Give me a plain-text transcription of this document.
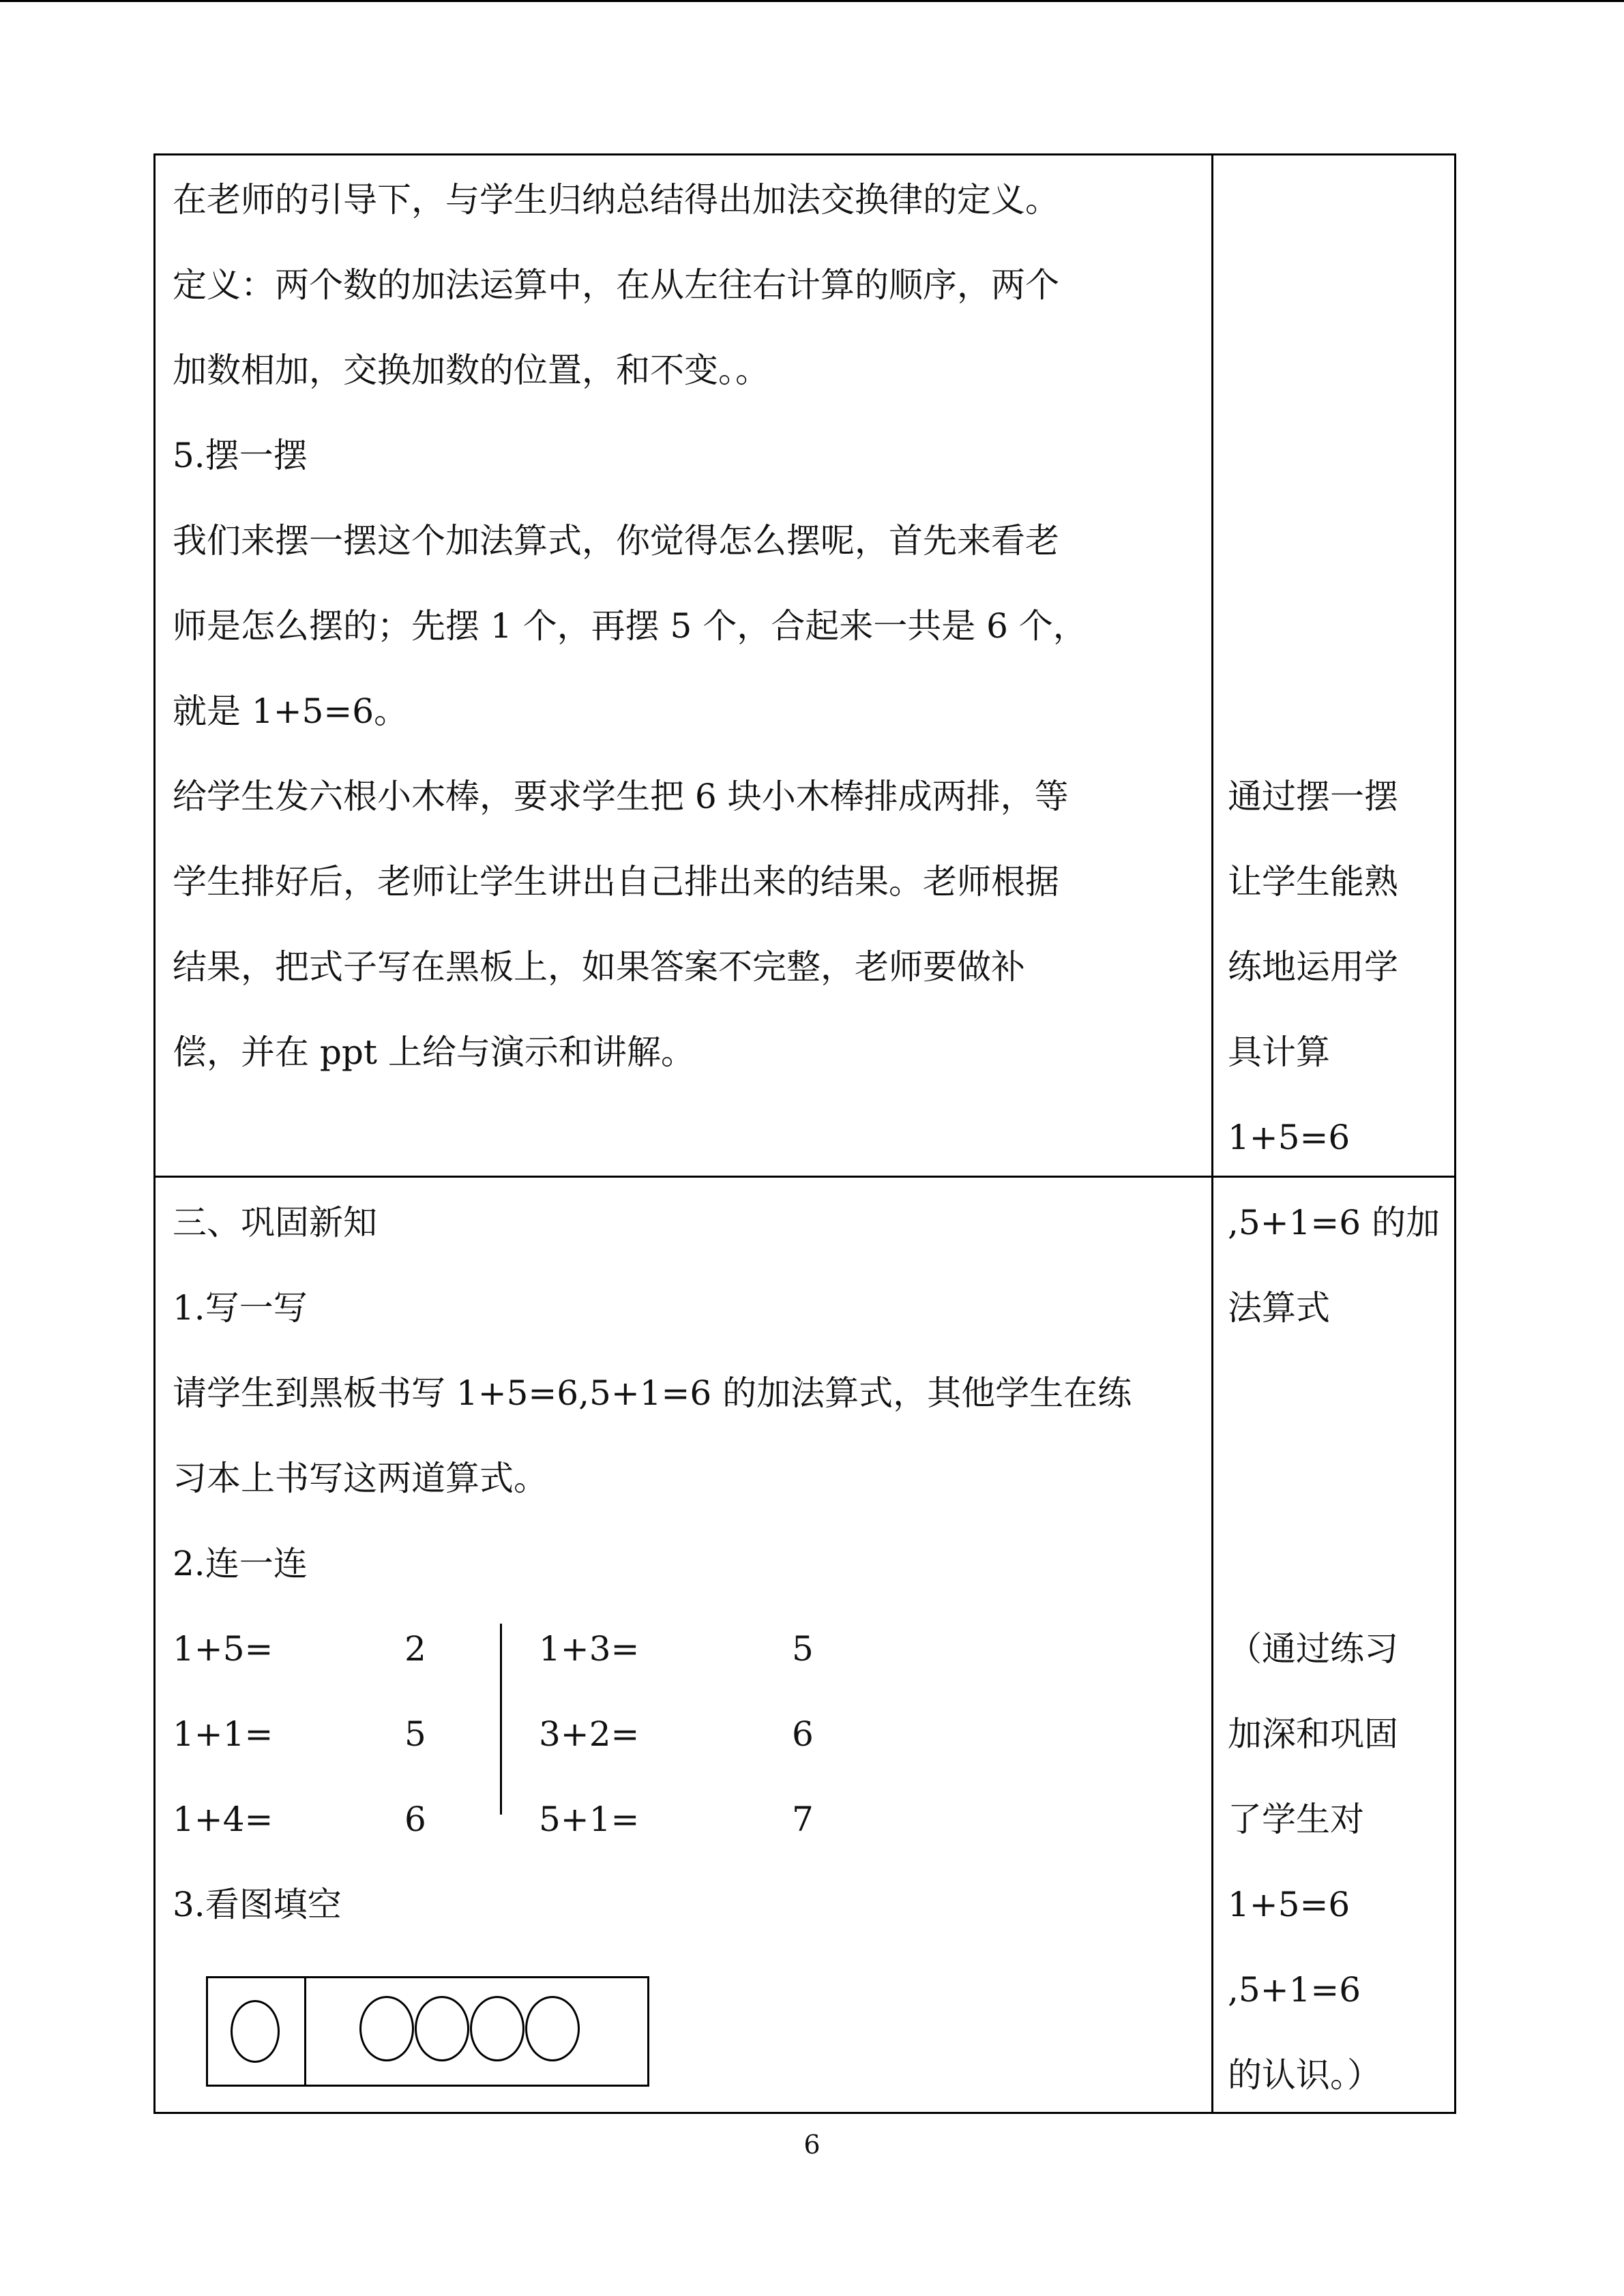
在老师的引导下，与学生归纳总结得出加法交换律的定义。
定义：两个数的加法运算中，在从左往右计算的顺序，两个
加数相加，交换加数的位置，和不变。。
5.摆一摆
我们来摆一摆这个加法算式，你觉得怎么摆呢，首先来看老
师是怎么摆的；先摆 1 个，再摆 5 个，合起来一共是 6 个，
就是 1+5=6。
给学生发六根小木棒，要求学生把 6 块小木棒排成两排，等
学生排好后，老师让学生讲出自己排出来的结果。老师根据
结果，把式子写在黑板上，如果答案不完整，老师要做补
偿，并在 ppt 上给与演示和讲解。
通过摆一摆
让学生能熟
练地运用学
具计算
1+5=6
三、巩固新知
1.写一写
请学生到黑板书写 1+5=6,5+1=6 的加法算式，其他学生在练
习本上书写这两道算式。
2.连一连
1+5=
1+1=
1+4=
2
5
6
1+3=
3+2=
5+1=
5
6
7
3.看图填空
,5+1=6 的加
法算式
（通过练习
加深和巩固
了学生对
1+5=6
,5+1=6
的认识。）
6
